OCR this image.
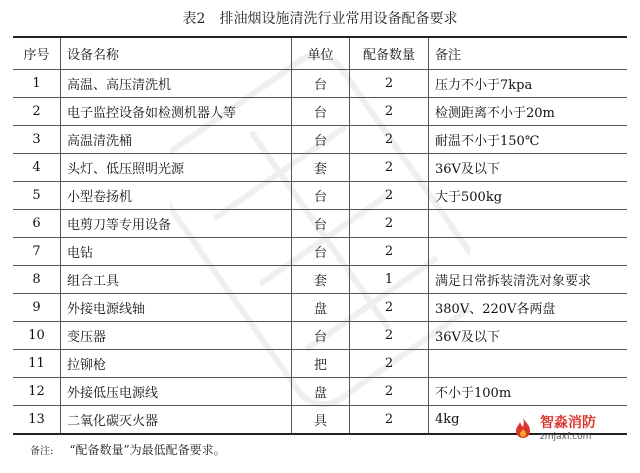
表2 排油烟设施清洗行业常用设备配备要求
序号	设备名称	单位	配备数量	备注
1	高温、高压清洗机	台	2	压力不小于7kpa
2	电子监控设备如检测机器人等	台	2	检测距离不小于20m
3	高温清洗桶	台	2	耐温不小于150℃
4	头灯、低压照明光源	套	2	36V及以下
5	小型卷扬机	台	2	大于500kg
6	电剪刀等专用设备	台	2	
7	电钻	台	2	
8	组合工具	套	1	满足日常拆装清洗对象要求
9	外接电源线轴	盘	2	380V、220V各两盘
10	变压器	台	2	36V及以下
11	拉铆枪	把	2	
12	外接低压电源线	盘	2	不小于100m
13	二氧化碳灭火器	具	2	4kg
备注: “配备数量”为最低配备要求。
智淼消防
zmjaxf.com
